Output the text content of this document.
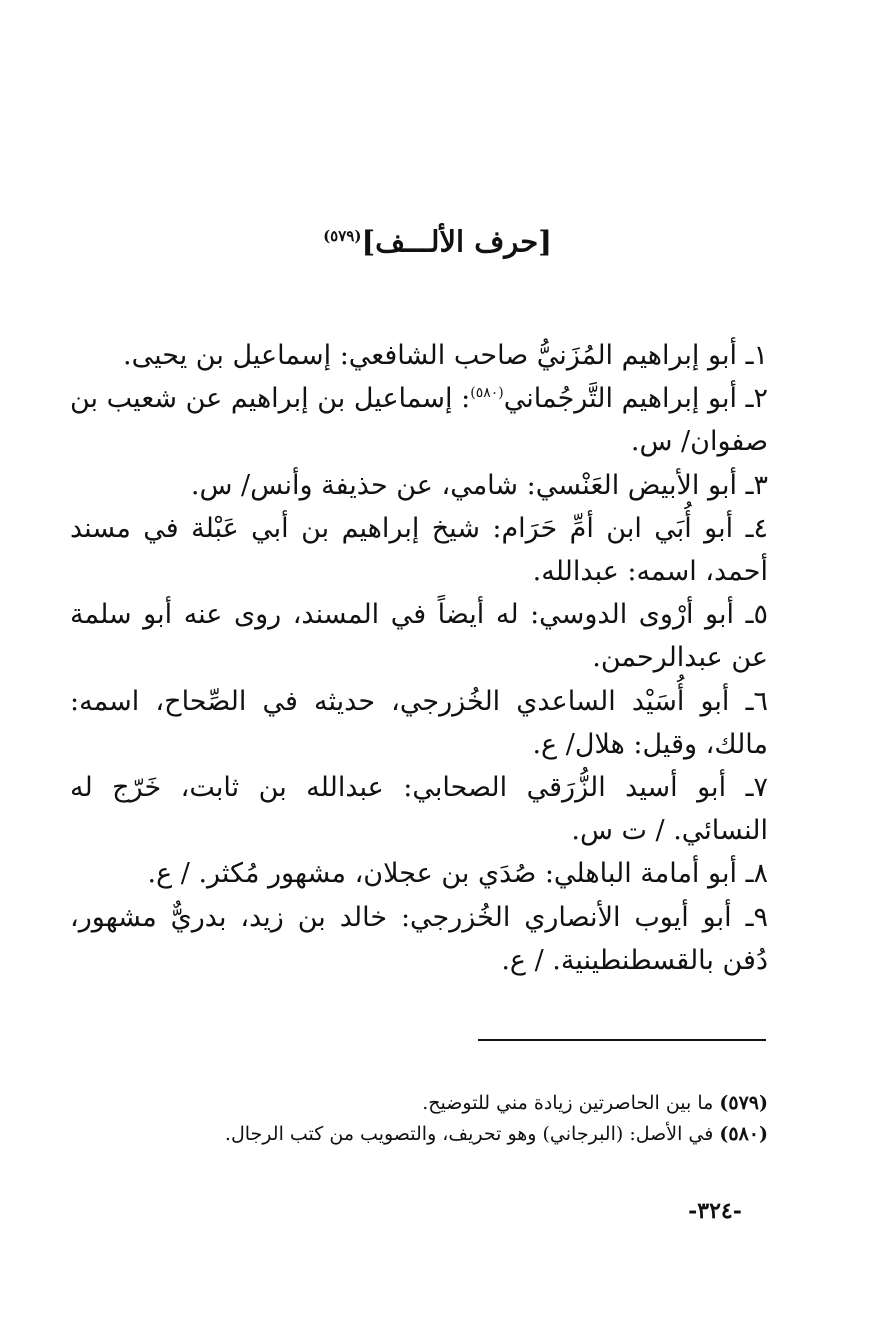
[حرف الألـــف]$^{(٥٧٩)}$

١ـ أبو إبراهيم المُزَنيُّ صاحب الشافعي: إسماعيل بن يحيى.

٢ـ أبو إبراهيم التَّرجُماني$^{(٥٨٠)}$: إسماعيل بن إبراهيم عن شعيب بن صفوان/ س.

٣ـ أبو الأبيض العَنْسي: شامي، عن حذيفة وأنس/ س.

٤ـ أبو أُبَي ابن أمِّ حَرَام: شيخ إبراهيم بن أبي عَبْلة في مسند أحمد، اسمه: عبدالله.

٥ـ أبو أرْوى الدوسي: له أيضاً في المسند، روى عنه أبو سلمة عن عبدالرحمن.

٦ـ أبو أُسَيْد الساعدي الخُزرجي، حديثه في الصِّحاح، اسمه: مالك، وقيل: هلال/ ع.

٧ـ أبو أسيد الزُّرَقي الصحابي: عبدالله بن ثابت، خَرّج له النسائي. / ت س.

٨ـ أبو أمامة الباهلي: صُدَي بن عجلان، مشهور مُكثر. / ع.

٩ـ أبو أيوب الأنصاري الخُزرجي: خالد بن زيد، بدريٌّ مشهور، دُفن بالقسطنطينية. / ع.

(٥٧٩) ما بين الحاصرتين زيادة مني للتوضيح.

(٥٨٠) في الأصل: (البرجاني) وهو تحريف، والتصويب من كتب الرجال.

-٣٢٤-
